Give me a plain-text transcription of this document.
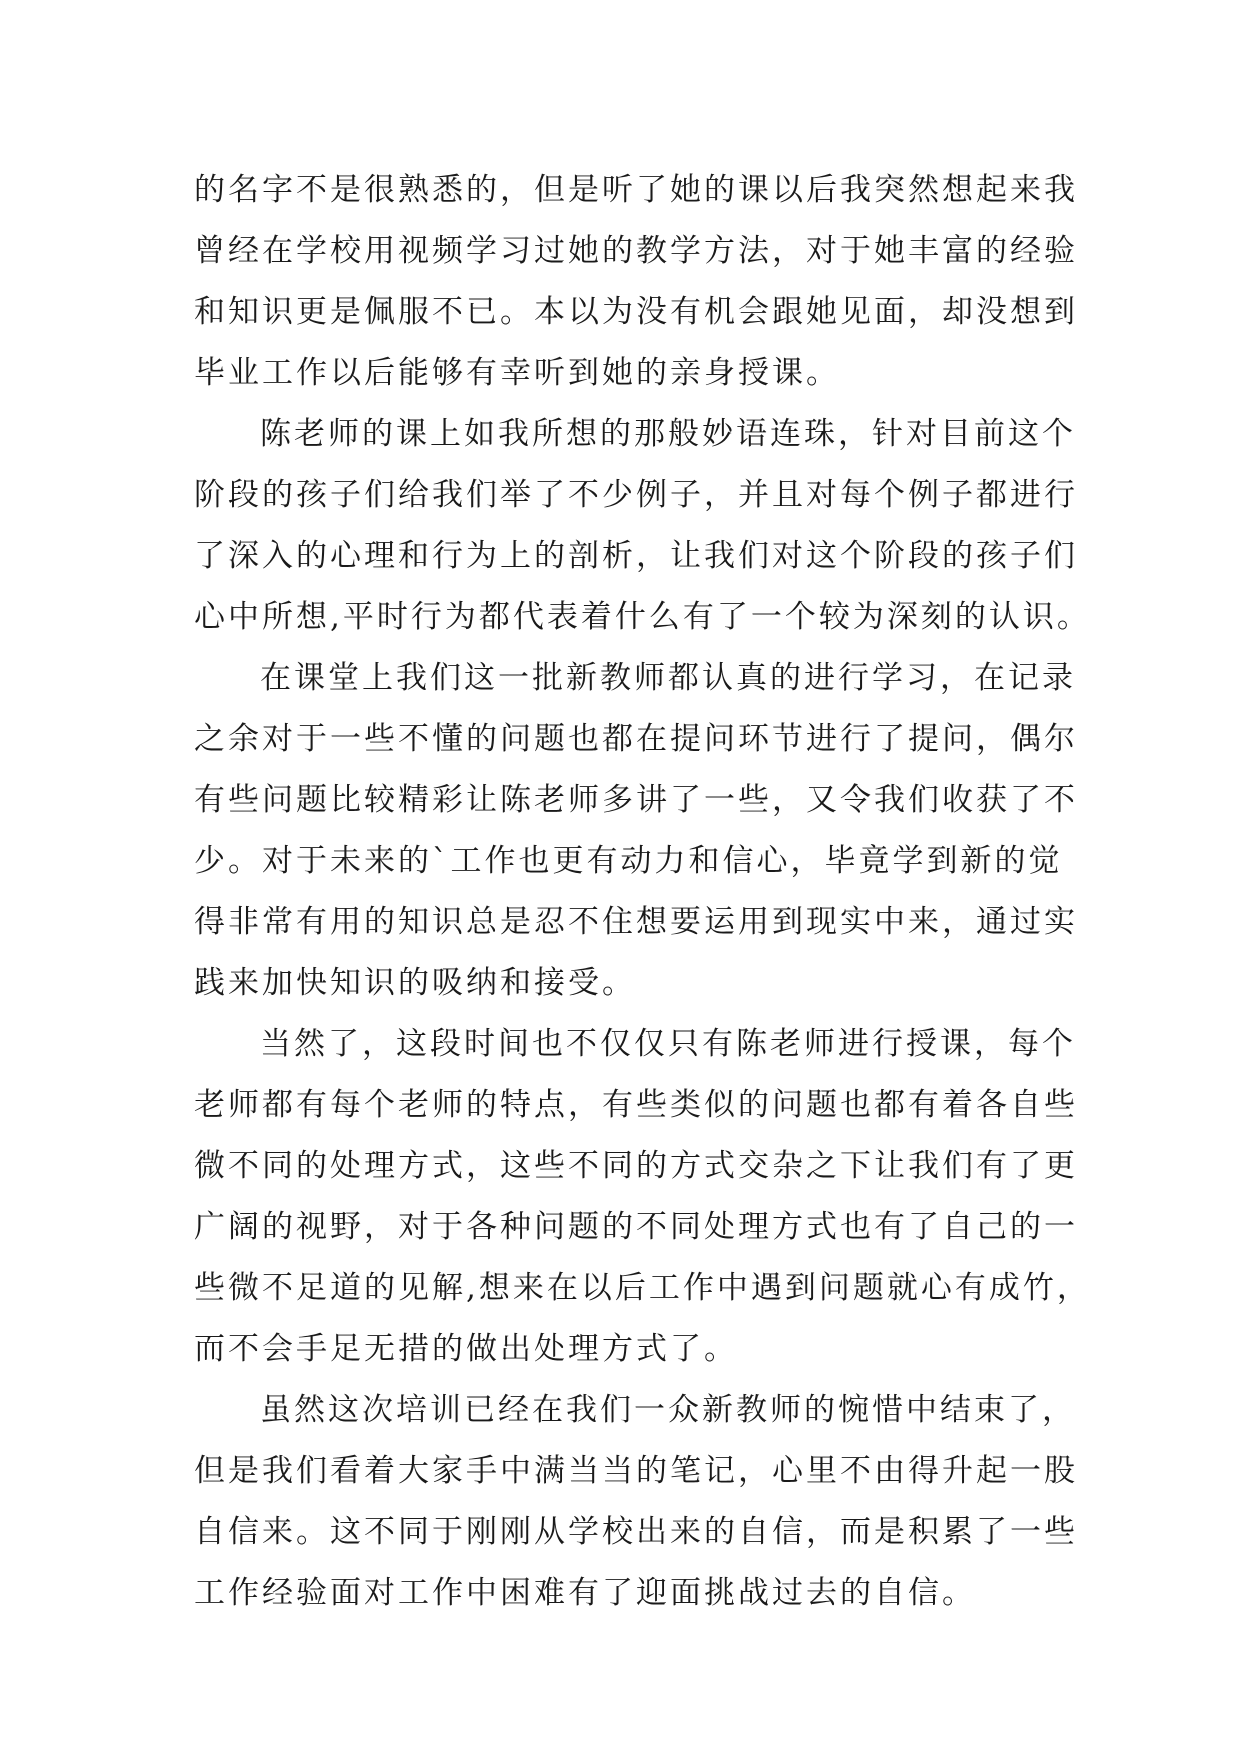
的名字不是很熟悉的，但是听了她的课以后我突然想起来我
曾经在学校用视频学习过她的教学方法，对于她丰富的经验
和知识更是佩服不已。本以为没有机会跟她见面，却没想到
毕业工作以后能够有幸听到她的亲身授课。
陈老师的课上如我所想的那般妙语连珠，针对目前这个
阶段的孩子们给我们举了不少例子，并且对每个例子都进行
了深入的心理和行为上的剖析，让我们对这个阶段的孩子们
心中所想,平时行为都代表着什么有了一个较为深刻的认识。
在课堂上我们这一批新教师都认真的进行学习，在记录
之余对于一些不懂的问题也都在提问环节进行了提问，偶尔
有些问题比较精彩让陈老师多讲了一些，又令我们收获了不
少。对于未来的`工作也更有动力和信心，毕竟学到新的觉
得非常有用的知识总是忍不住想要运用到现实中来，通过实
践来加快知识的吸纳和接受。
当然了，这段时间也不仅仅只有陈老师进行授课，每个
老师都有每个老师的特点，有些类似的问题也都有着各自些
微不同的处理方式，这些不同的方式交杂之下让我们有了更
广阔的视野，对于各种问题的不同处理方式也有了自己的一
些微不足道的见解,想来在以后工作中遇到问题就心有成竹，
而不会手足无措的做出处理方式了。
虽然这次培训已经在我们一众新教师的惋惜中结束了，
但是我们看着大家手中满当当的笔记，心里不由得升起一股
自信来。这不同于刚刚从学校出来的自信，而是积累了一些
工作经验面对工作中困难有了迎面挑战过去的自信。
